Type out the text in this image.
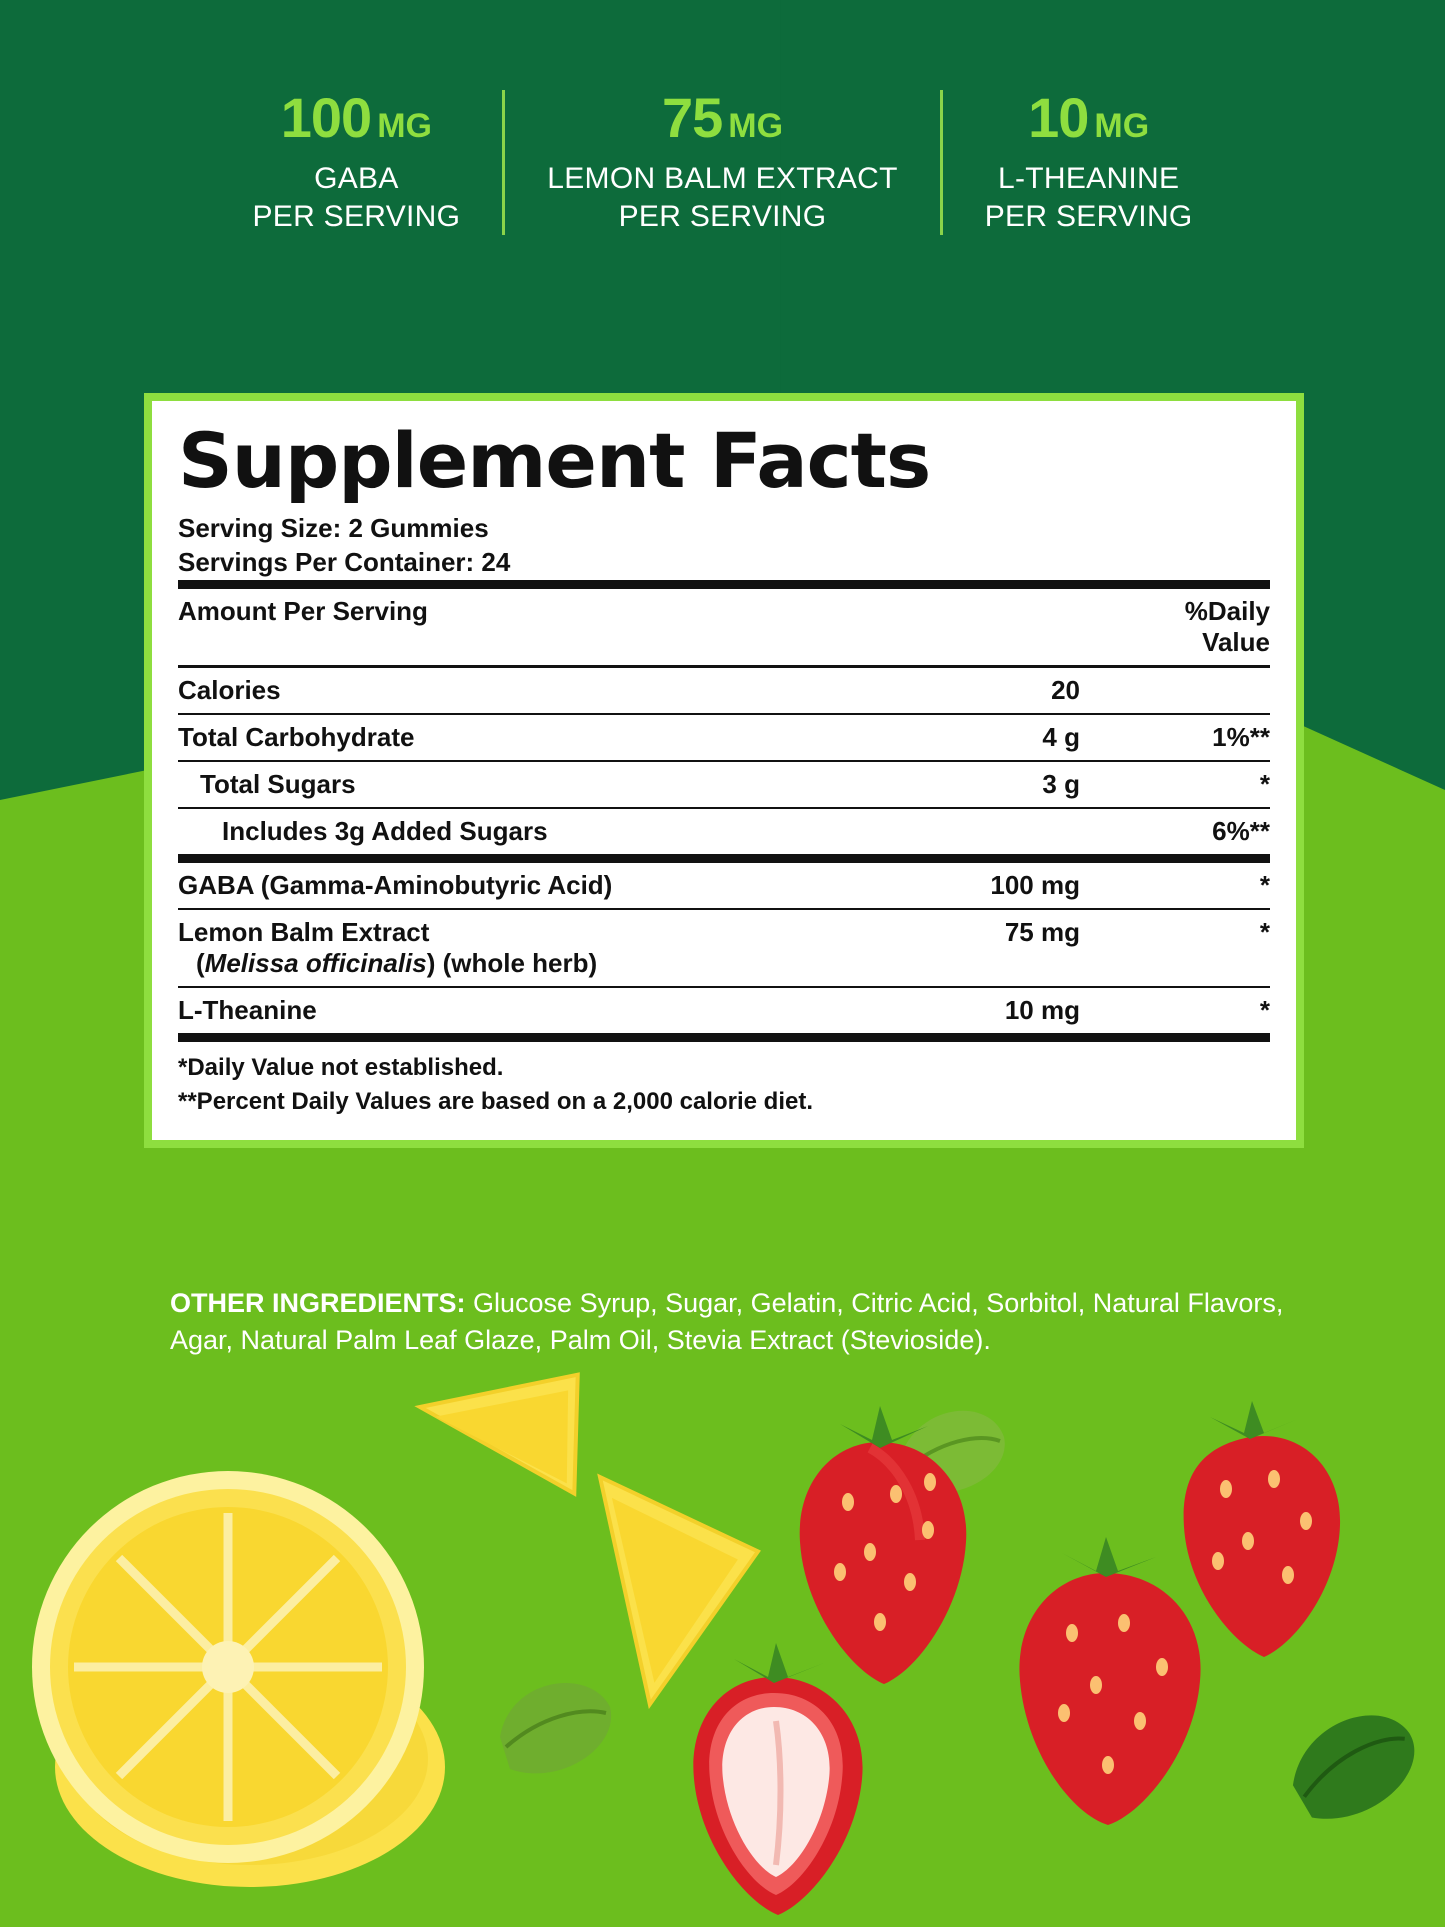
100 MG
GABA
PER SERVING
75 MG
LEMON BALM EXTRACT
PER SERVING
10 MG
L-THEANINE
PER SERVING
Supplement Facts
Serving Size: 2 Gummies
Servings Per Container: 24
Amount Per Serving		%Daily Value
Calories	20	
Total Carbohydrate	4 g	1%**
Total Sugars	3 g	*
Includes 3g Added Sugars		6%**
GABA (Gamma-Aminobutyric Acid)	100 mg	*
Lemon Balm Extract
(Melissa officinalis) (whole herb)	75 mg	*
L-Theanine	10 mg	*

*Daily Value not established.
**Percent Daily Values are based on a 2,000 calorie diet.
OTHER INGREDIENTS: Glucose Syrup, Sugar, Gelatin, Citric Acid, Sorbitol, Natural Flavors, Agar, Natural Palm Leaf Glaze, Palm Oil, Stevia Extract (Stevioside).
